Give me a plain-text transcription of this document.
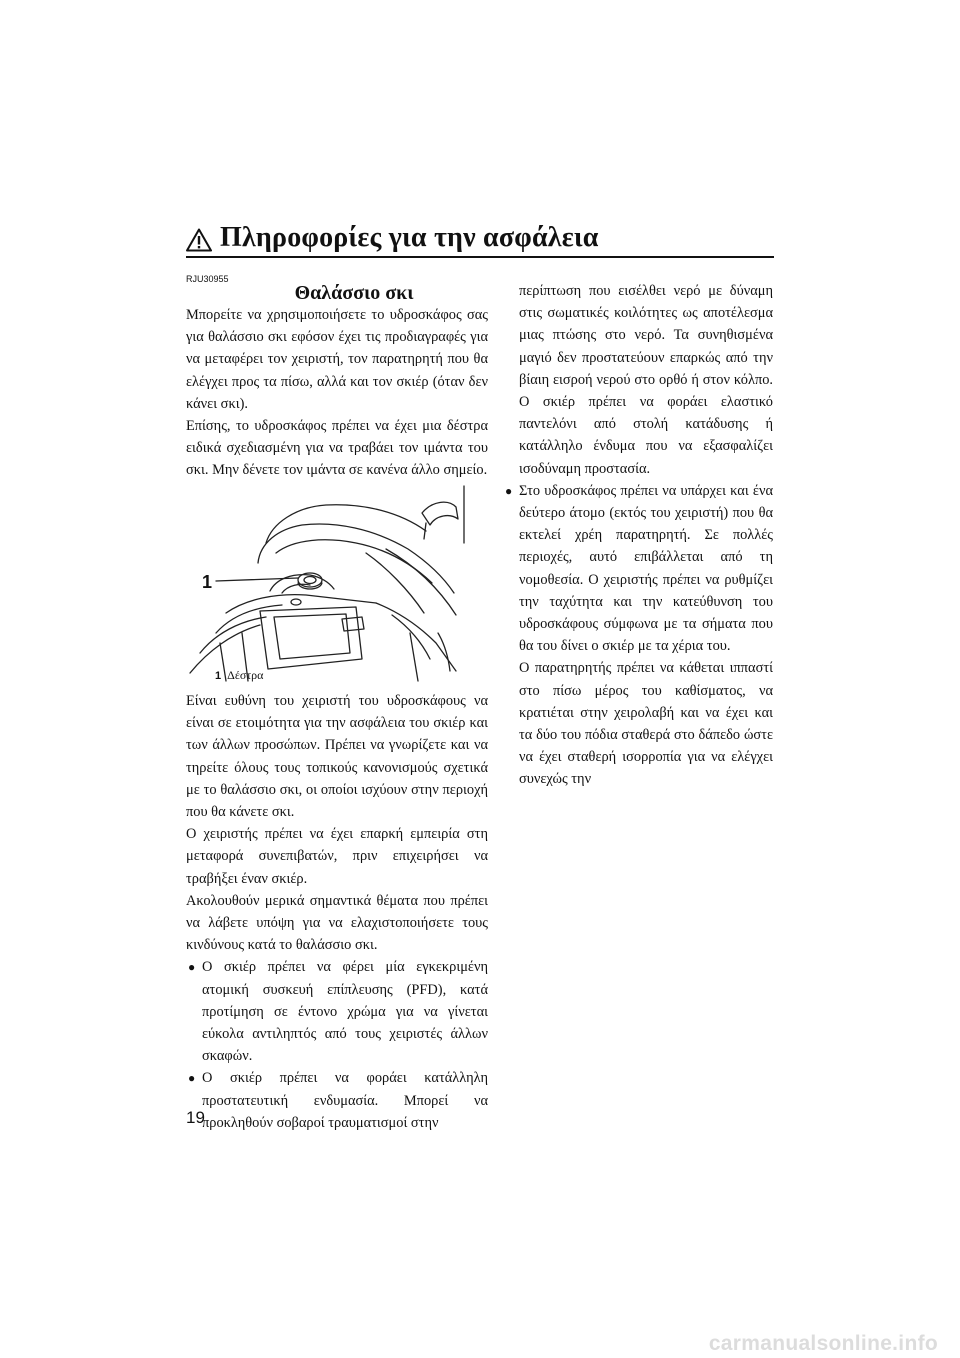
Πληροφορίες για την ασφάλεια
RJU30955
Θαλάσσιο σκι

Μπορείτε να χρησιμοποιήσετε το υδροσκάφος σας για θαλάσσιο σκι εφόσον έχει τις προδιαγραφές για να μεταφέρει τον χειριστή, τον παρατηρητή που θα ελέγχει προς τα πίσω, αλλά και τον σκιέρ (όταν δεν κάνει σκι).

Επίσης, το υδροσκάφος πρέπει να έχει μια δέστρα ειδικά σχεδιασμένη για να τραβάει τον ιμάντα του σκι. Μην δένετε τον ιμάντα σε κανένα άλλο σημείο.

1
1 Δέστρα

Είναι ευθύνη του χειριστή του υδροσκάφους να είναι σε ετοιμότητα για την ασφάλεια του σκιέρ και των άλλων προσώπων. Πρέπει να γνωρίζετε και να τηρείτε όλους τους τοπικούς κανονισμούς σχετικά με το θαλάσσιο σκι, οι οποίοι ισχύουν στην περιοχή που θα κάνετε σκι.

Ο χειριστής πρέπει να έχει επαρκή εμπειρία στη μεταφορά συνεπιβατών, πριν επιχειρήσει να τραβήξει έναν σκιέρ.

Ακολουθούν μερικά σημαντικά θέματα που πρέπει να λάβετε υπόψη για να ελαχιστοποιήσετε τους κινδύνους κατά το θαλάσσιο σκι.

● Ο σκιέρ πρέπει να φέρει μία εγκεκριμένη ατομική συσκευή επίπλευσης (PFD), κατά προτίμηση σε έντονο χρώμα για να γίνεται εύκολα αντιληπτός από τους χειριστές άλλων σκαφών.
● Ο σκιέρ πρέπει να φοράει κατάλληλη προστατευτική ενδυμασία. Μπορεί να προκληθούν σοβαροί τραυματισμοί στην

περίπτωση που εισέλθει νερό με δύναμη στις σωματικές κοιλότητες ως αποτέλεσμα μιας πτώσης στο νερό. Τα συνηθισμένα μαγιό δεν προστατεύουν επαρκώς από την βίαιη εισροή νερού στο ορθό ή στον κόλπο. Ο σκιέρ πρέπει να φοράει ελαστικό παντελόνι από στολή κατάδυσης ή κατάλληλο ένδυμα που να εξασφαλίζει ισοδύναμη προστασία.

● Στο υδροσκάφος πρέπει να υπάρχει και ένα δεύτερο άτομο (εκτός του χειριστή) που θα εκτελεί χρέη παρατηρητή. Σε πολλές περιοχές, αυτό επιβάλλεται από τη νομοθεσία. Ο χειριστής πρέπει να ρυθμίζει την ταχύτητα και την κατεύθυνση του υδροσκάφους σύμφωνα με τα σήματα που θα του δίνει ο σκιέρ με τα χέρια του.

Ο παρατηρητής πρέπει να κάθεται ιππαστί στο πίσω μέρος του καθίσματος, να κρατιέται στην χειρολαβή και να έχει και τα δύο του πόδια σταθερά στο δάπεδο ώστε να έχει σταθερή ισορροπία για να ελέγχει συνεχώς την

19
carmanualsonline.info
